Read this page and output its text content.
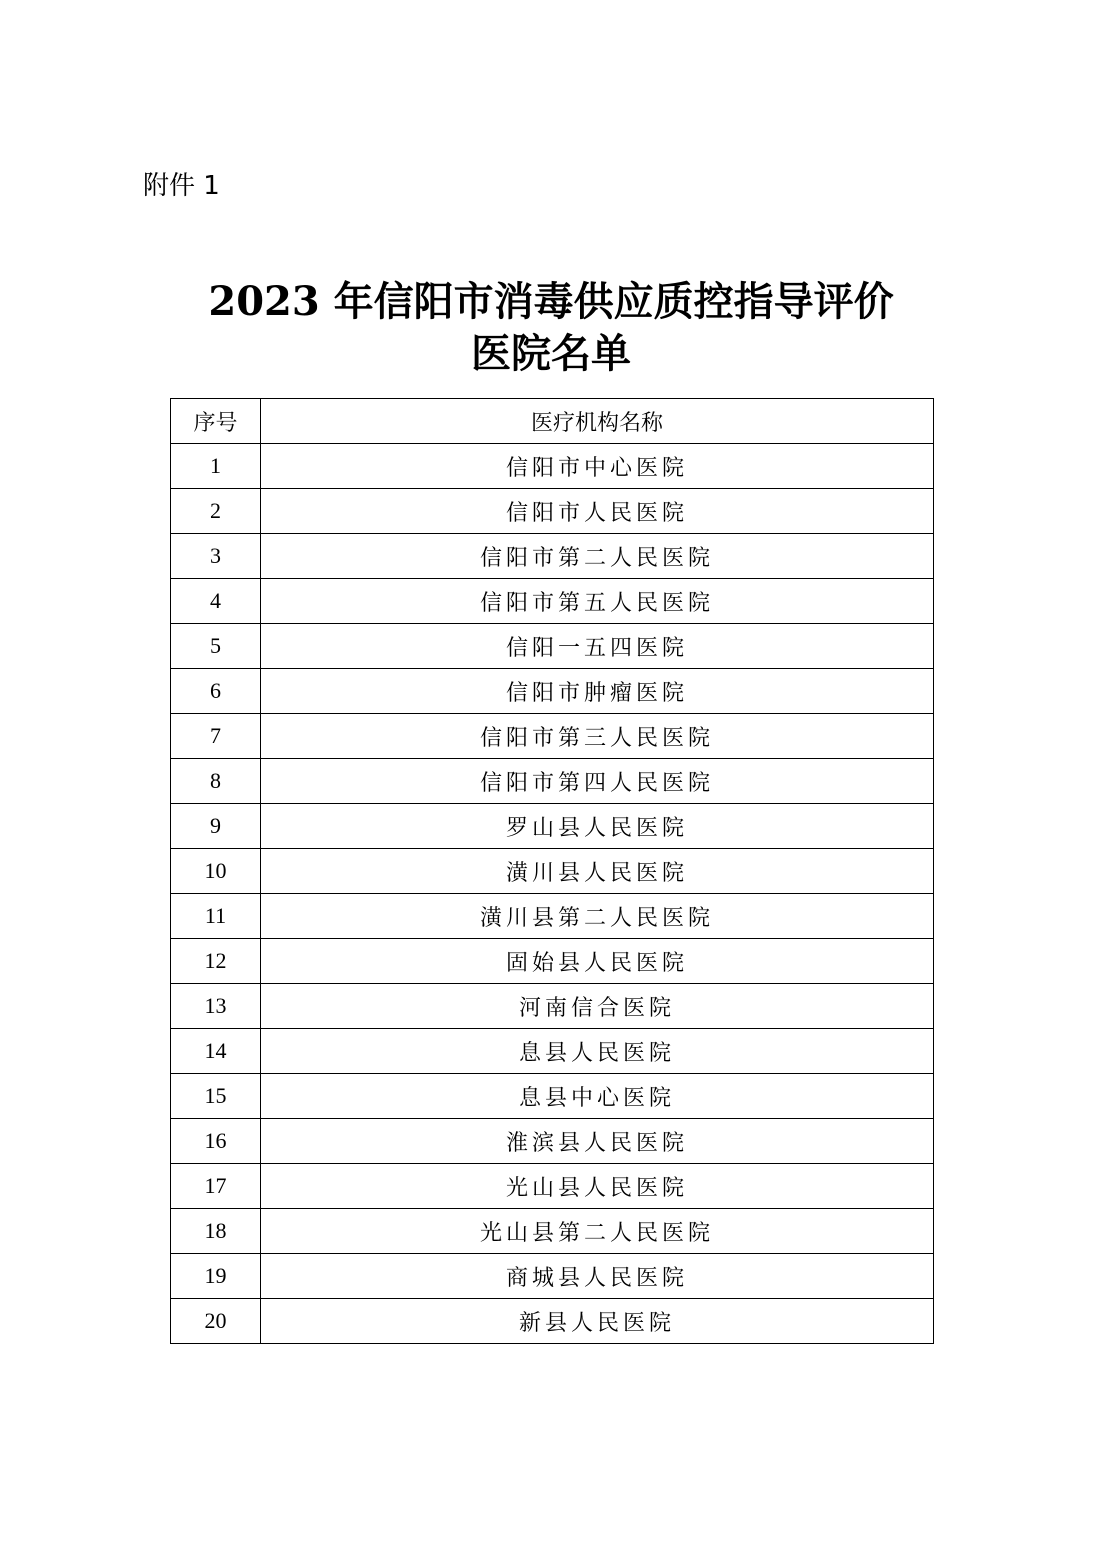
附件 1
2023 年信阳市消毒供应质控指导评价
医院名单
序号	医疗机构名称
1	信阳市中心医院
2	信阳市人民医院
3	信阳市第二人民医院
4	信阳市第五人民医院
5	信阳一五四医院
6	信阳市肿瘤医院
7	信阳市第三人民医院
8	信阳市第四人民医院
9	罗山县人民医院
10	潢川县人民医院
11	潢川县第二人民医院
12	固始县人民医院
13	河南信合医院
14	息县人民医院
15	息县中心医院
16	淮滨县人民医院
17	光山县人民医院
18	光山县第二人民医院
19	商城县人民医院
20	新县人民医院
